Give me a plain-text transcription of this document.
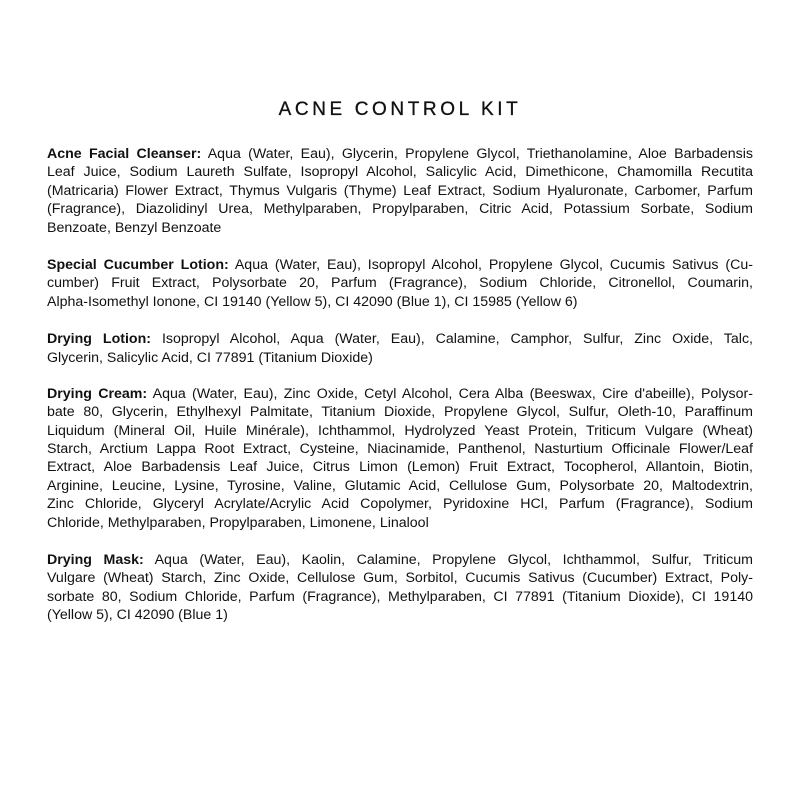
ACNE CONTROL KIT
Acne Facial Cleanser: Aqua (Water, Eau), Glycerin, Propylene Glycol, Triethanolamine, Aloe Barbadensis
Leaf Juice, Sodium Laureth Sulfate, Isopropyl Alcohol, Salicylic Acid, Dimethicone, Chamomilla Recutita
(Matricaria) Flower Extract, Thymus Vulgaris (Thyme) Leaf Extract, Sodium Hyaluronate, Carbomer, Parfum
(Fragrance), Diazolidinyl Urea, Methylparaben, Propylparaben, Citric Acid, Potassium Sorbate, Sodium
Benzoate, Benzyl Benzoate
Special Cucumber Lotion: Aqua (Water, Eau), Isopropyl Alcohol, Propylene Glycol, Cucumis Sativus (Cu-
cumber) Fruit Extract, Polysorbate 20, Parfum (Fragrance), Sodium Chloride, Citronellol, Coumarin,
Alpha-Isomethyl Ionone, CI 19140 (Yellow 5), CI 42090 (Blue 1), CI 15985 (Yellow 6)
Drying Lotion: Isopropyl Alcohol, Aqua (Water, Eau), Calamine, Camphor, Sulfur, Zinc Oxide, Talc,
Glycerin, Salicylic Acid, CI 77891 (Titanium Dioxide)
Drying Cream: Aqua (Water, Eau), Zinc Oxide, Cetyl Alcohol, Cera Alba (Beeswax, Cire d'abeille), Polysor-
bate 80, Glycerin, Ethylhexyl Palmitate, Titanium Dioxide, Propylene Glycol, Sulfur, Oleth-10, Paraffinum
Liquidum (Mineral Oil, Huile Minérale), Ichthammol, Hydrolyzed Yeast Protein, Triticum Vulgare (Wheat)
Starch, Arctium Lappa Root Extract, Cysteine, Niacinamide, Panthenol, Nasturtium Officinale Flower/Leaf
Extract, Aloe Barbadensis Leaf Juice, Citrus Limon (Lemon) Fruit Extract, Tocopherol, Allantoin, Biotin,
Arginine, Leucine, Lysine, Tyrosine, Valine, Glutamic Acid, Cellulose Gum, Polysorbate 20, Maltodextrin,
Zinc Chloride, Glyceryl Acrylate/Acrylic Acid Copolymer, Pyridoxine HCl, Parfum (Fragrance), Sodium
Chloride, Methylparaben, Propylparaben, Limonene, Linalool
Drying Mask: Aqua (Water, Eau), Kaolin, Calamine, Propylene Glycol, Ichthammol, Sulfur, Triticum
Vulgare (Wheat) Starch, Zinc Oxide, Cellulose Gum, Sorbitol, Cucumis Sativus (Cucumber) Extract, Poly-
sorbate 80, Sodium Chloride, Parfum (Fragrance), Methylparaben, CI 77891 (Titanium Dioxide), CI 19140
(Yellow 5), CI 42090 (Blue 1)
